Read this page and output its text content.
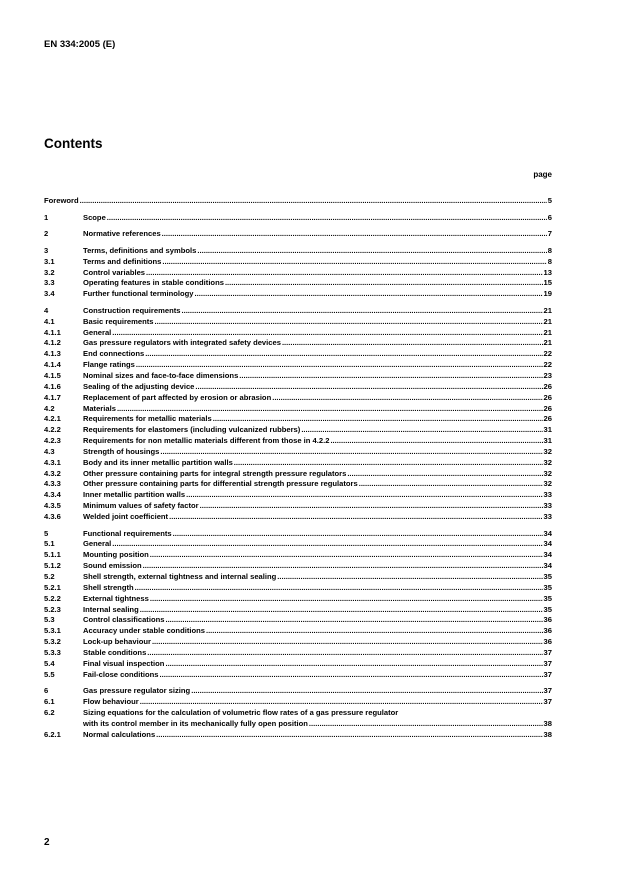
EN 334:2005 (E)
Contents
page
Foreword .....	5
1	Scope .....	6
2	Normative references .....	7
3	Terms, definitions and symbols .....	8
3.1	Terms and definitions .....	8
3.2	Control variables .....	13
3.3	Operating features in stable conditions .....	15
3.4	Further functional terminology .....	19
4	Construction requirements .....	21
4.1	Basic requirements .....	21
4.1.1	General .....	21
4.1.2	Gas pressure regulators with integrated safety devices .....	21
4.1.3	End connections .....	22
4.1.4	Flange ratings .....	22
4.1.5	Nominal sizes and face-to-face dimensions .....	23
4.1.6	Sealing of the adjusting device .....	26
4.1.7	Replacement of part affected by erosion or abrasion .....	26
4.2	Materials .....	26
4.2.1	Requirements for metallic materials .....	26
4.2.2	Requirements for elastomers (including vulcanized rubbers) .....	31
4.2.3	Requirements for non metallic materials different from those in 4.2.2 .....	31
4.3	Strength of housings .....	32
4.3.1	Body and its inner metallic partition walls .....	32
4.3.2	Other pressure containing parts for integral strength pressure regulators .....	32
4.3.3	Other pressure containing parts for differential strength pressure regulators .....	32
4.3.4	Inner metallic partition walls .....	33
4.3.5	Minimum values of safety factor .....	33
4.3.6	Welded joint coefficient .....	33
5	Functional requirements .....	34
5.1	General .....	34
5.1.1	Mounting position .....	34
5.1.2	Sound emission .....	34
5.2	Shell strength, external tightness and internal sealing .....	35
5.2.1	Shell strength .....	35
5.2.2	External tightness .....	35
5.2.3	Internal sealing .....	35
5.3	Control classifications .....	36
5.3.1	Accuracy under stable conditions .....	36
5.3.2	Lock-up behaviour .....	36
5.3.3	Stable conditions .....	37
5.4	Final visual inspection .....	37
5.5	Fail-close conditions .....	37
6	Gas pressure regulator sizing .....	37
6.1	Flow behaviour .....	37
6.2	Sizing equations for the calculation of volumetric flow rates of a gas pressure regulator
with its control member in its mechanically fully open position .....	38
6.2.1	Normal calculations .....	38
2
